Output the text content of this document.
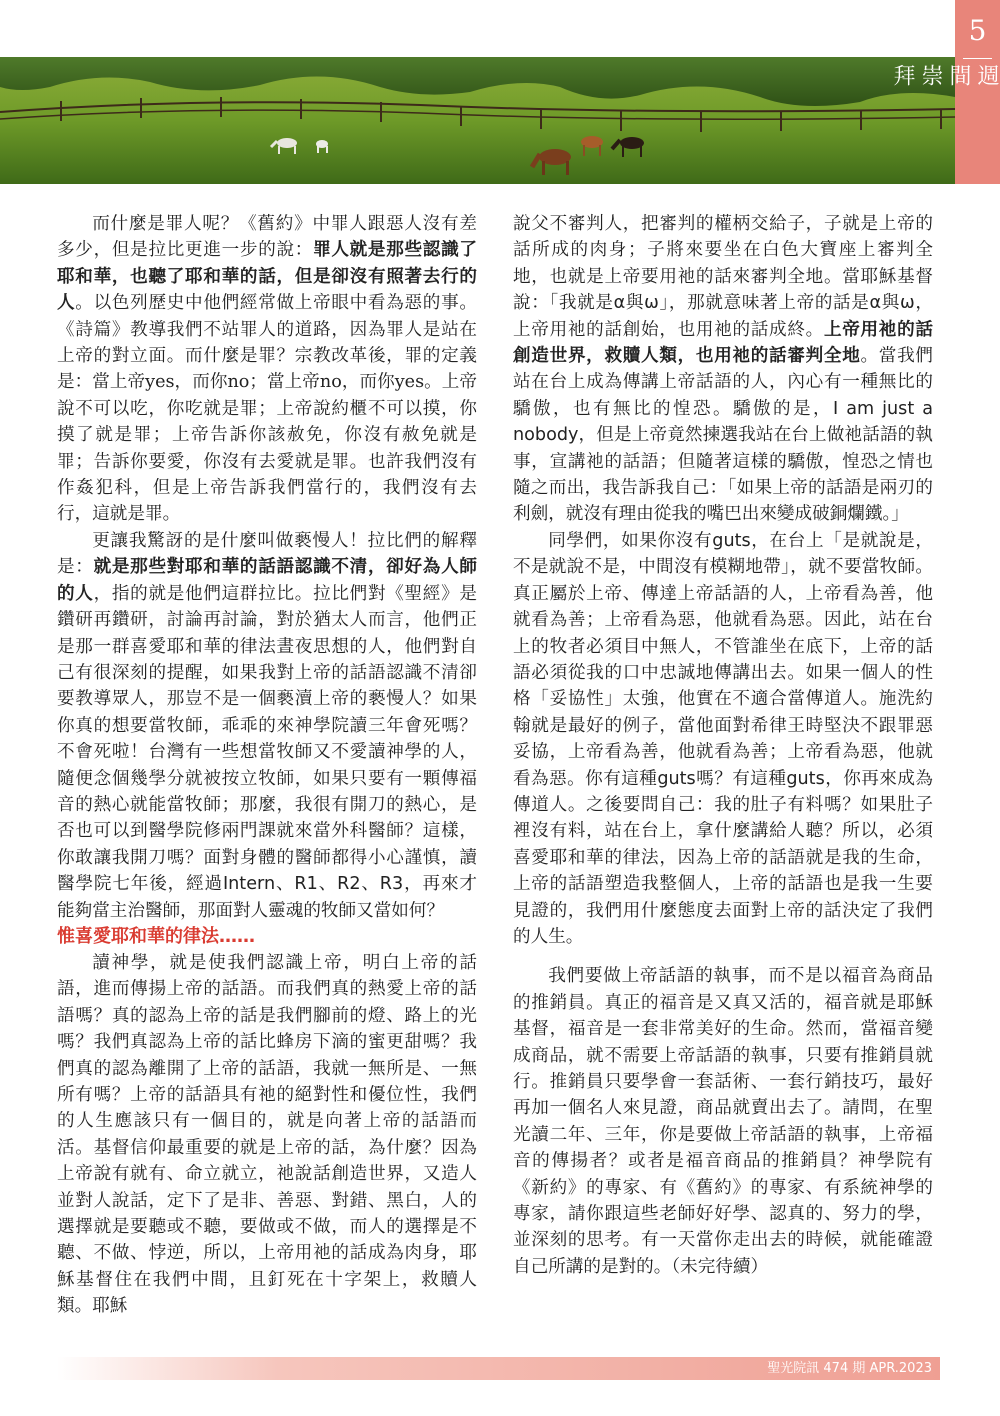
5
週
間
崇
拜

而什麼是罪人呢？《舊約》中罪人跟惡人沒有差多少，但是拉比更進一步的說：罪人就是那些認識了耶和華，也聽了耶和華的話，但是卻沒有照著去行的人。以色列歷史中他們經常做上帝眼中看為惡的事。《詩篇》教導我們不站罪人的道路，因為罪人是站在上帝的對立面。而什麼是罪？宗教改革後，罪的定義是：當上帝yes，而你no；當上帝no，而你yes。上帝說不可以吃，你吃就是罪；上帝說約櫃不可以摸，你摸了就是罪；上帝告訴你該赦免，你沒有赦免就是罪；告訴你要愛，你沒有去愛就是罪。也許我們沒有作姦犯科，但是上帝告訴我們當行的，我們沒有去行，這就是罪。

更讓我驚訝的是什麼叫做褻慢人！拉比們的解釋是：就是那些對耶和華的話語認識不清，卻好為人師的人，指的就是他們這群拉比。拉比們對《聖經》是鑽研再鑽研，討論再討論，對於猶太人而言，他們正是那一群喜愛耶和華的律法晝夜思想的人，他們對自己有很深刻的提醒，如果我對上帝的話語認識不清卻要教導眾人，那豈不是一個褻瀆上帝的褻慢人？如果你真的想要當牧師，乖乖的來神學院讀三年會死嗎？不會死啦！台灣有一些想當牧師又不愛讀神學的人，隨便念個幾學分就被按立牧師，如果只要有一顆傳福音的熱心就能當牧師；那麼，我很有開刀的熱心，是否也可以到醫學院修兩門課就來當外科醫師？這樣，你敢讓我開刀嗎？面對身體的醫師都得小心謹慎，讀醫學院七年後，經過Intern、R1、R2、R3，再來才能夠當主治醫師，那面對人靈魂的牧師又當如何？

惟喜愛耶和華的律法……

讀神學，就是使我們認識上帝，明白上帝的話語，進而傳揚上帝的話語。而我們真的熱愛上帝的話語嗎？真的認為上帝的話是我們腳前的燈、路上的光嗎？我們真認為上帝的話比蜂房下滴的蜜更甜嗎？我們真的認為離開了上帝的話語，我就一無所是、一無所有嗎？上帝的話語具有祂的絕對性和優位性，我們的人生應該只有一個目的，就是向著上帝的話語而活。基督信仰最重要的就是上帝的話，為什麼？因為上帝說有就有、命立就立，祂說話創造世界，又造人並對人說話，定下了是非、善惡、對錯、黑白，人的選擇就是要聽或不聽，要做或不做，而人的選擇是不聽、不做、悖逆，所以，上帝用祂的話成為肉身，耶穌基督住在我們中間，且釘死在十字架上，救贖人類。耶穌

說父不審判人，把審判的權柄交給子，子就是上帝的話所成的肉身；子將來要坐在白色大寶座上審判全地，也就是上帝要用祂的話來審判全地。當耶穌基督說：「我就是α與ω」，那就意味著上帝的話是α與ω，上帝用祂的話創始，也用祂的話成終。上帝用祂的話創造世界，救贖人類，也用祂的話審判全地。當我們站在台上成為傳講上帝話語的人，內心有一種無比的驕傲，也有無比的惶恐。驕傲的是，I am just a nobody，但是上帝竟然揀選我站在台上做祂話語的執事，宣講祂的話語；但隨著這樣的驕傲，惶恐之情也隨之而出，我告訴我自己：「如果上帝的話語是兩刃的利劍，就沒有理由從我的嘴巴出來變成破銅爛鐵。」

同學們，如果你沒有guts，在台上「是就說是，不是就說不是，中間沒有模糊地帶」，就不要當牧師。真正屬於上帝、傳達上帝話語的人，上帝看為善，他就看為善；上帝看為惡，他就看為惡。因此，站在台上的牧者必須目中無人，不管誰坐在底下，上帝的話語必須從我的口中忠誠地傳講出去。如果一個人的性格「妥協性」太強，他實在不適合當傳道人。施洗約翰就是最好的例子，當他面對希律王時堅決不跟罪惡妥協，上帝看為善，他就看為善；上帝看為惡，他就看為惡。你有這種guts嗎？有這種guts，你再來成為傳道人。之後要問自己：我的肚子有料嗎？如果肚子裡沒有料，站在台上，拿什麼講給人聽？所以，必須喜愛耶和華的律法，因為上帝的話語就是我的生命，上帝的話語塑造我整個人，上帝的話語也是我一生要見證的，我們用什麼態度去面對上帝的話決定了我們的人生。

我們要做上帝話語的執事，而不是以福音為商品的推銷員。真正的福音是又真又活的，福音就是耶穌基督，福音是一套非常美好的生命。然而，當福音變成商品，就不需要上帝話語的執事，只要有推銷員就行。推銷員只要學會一套話術、一套行銷技巧，最好再加一個名人來見證，商品就賣出去了。請問，在聖光讀二年、三年，你是要做上帝話語的執事，上帝福音的傳揚者？或者是福音商品的推銷員？神學院有《新約》的專家、有《舊約》的專家、有系統神學的專家，請你跟這些老師好好學、認真的、努力的學，並深刻的思考。有一天當你走出去的時候，就能確證自己所講的是對的。（未完待續）

聖光院訊 474 期 APR.2023
